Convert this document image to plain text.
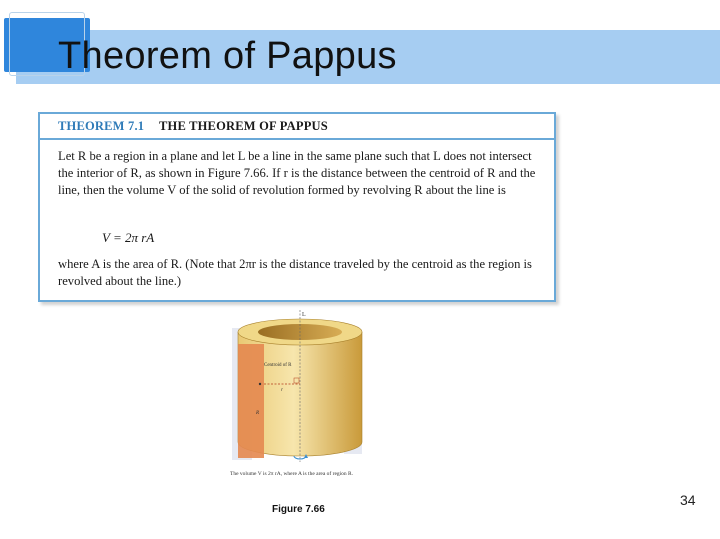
Theorem of Pappus
THEOREM 7.1 THE THEOREM OF PAPPUS
Let R be a region in a plane and let L be a line in the same plane such that L does not intersect the interior of R, as shown in Figure 7.66. If r is the distance between the centroid of R and the line, then the volume V of the solid of revolution formed by revolving R about the line is
V = 2π rA
where A is the area of R. (Note that 2πr is the distance traveled by the centroid as the region is revolved about the line.)
L
Centroid of R
r
R
The volume V is 2π rA, where A is the area of region R.
Figure 7.66
34
